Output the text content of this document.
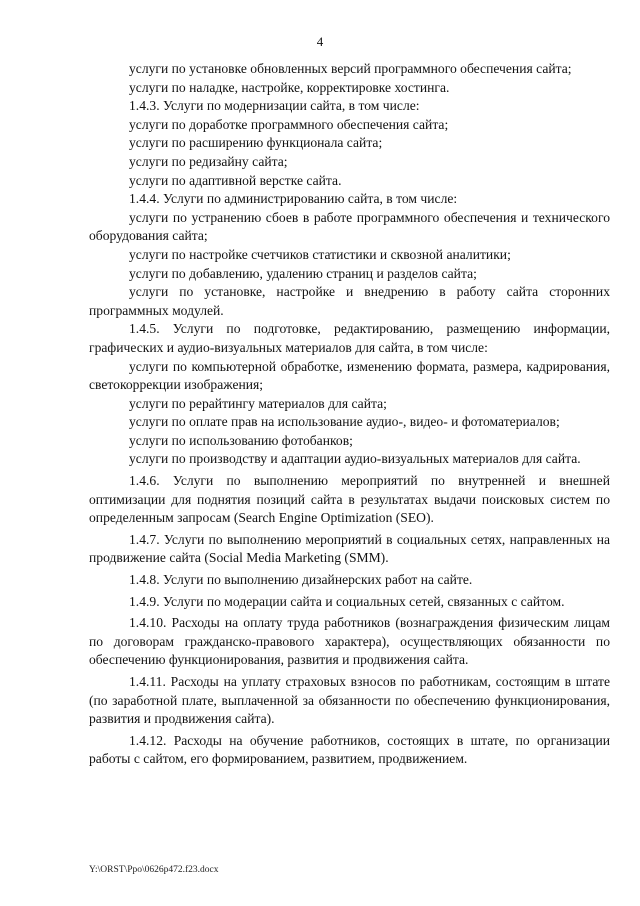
4

услуги по установке обновленных версий программного обеспечения сайта;

услуги по наладке, настройке, корректировке хостинга.

1.4.3. Услуги по модернизации сайта, в том числе:

услуги по доработке программного обеспечения сайта;

услуги по расширению функционала сайта;

услуги по редизайну сайта;

услуги по адаптивной верстке сайта.

1.4.4. Услуги по администрированию сайта, в том числе:

услуги по устранению сбоев в работе программного обеспечения и технического оборудования сайта;

услуги по настройке счетчиков статистики и сквозной аналитики;

услуги по добавлению, удалению страниц и разделов сайта;

услуги по установке, настройке и внедрению в работу сайта сторонних программных модулей.

1.4.5. Услуги по подготовке, редактированию, размещению информации, графических и аудио-визуальных материалов для сайта, в том числе:

услуги по компьютерной обработке, изменению формата, размера, кадрирования, светокоррекции изображения;

услуги по рерайтингу материалов для сайта;

услуги по оплате прав на использование аудио-, видео- и фотоматериалов;

услуги по использованию фотобанков;

услуги по производству и адаптации аудио-визуальных материалов для сайта.

1.4.6. Услуги по выполнению мероприятий по внутренней и внешней оптимизации для поднятия позиций сайта в результатах выдачи поисковых систем по определенным запросам (Search Engine Optimization (SEO).

1.4.7. Услуги по выполнению мероприятий в социальных сетях, направленных на продвижение сайта (Social Media Marketing (SMM).

1.4.8. Услуги по выполнению дизайнерских работ на сайте.

1.4.9. Услуги по модерации сайта и социальных сетей, связанных с сайтом.

1.4.10. Расходы на оплату труда работников (вознаграждения физическим лицам по договорам гражданско-правового характера), осуществляющих обязанности по обеспечению функционирования, развития и продвижения сайта.

1.4.11. Расходы на уплату страховых взносов по работникам, состоящим в штате (по заработной плате, выплаченной за обязанности по обеспечению функционирования, развития и продвижения сайта).

1.4.12. Расходы на обучение работников, состоящих в штате, по организации работы с сайтом, его формированием, развитием, продвижением.

Y:\ORST\Ppo\0626p472.f23.docx
